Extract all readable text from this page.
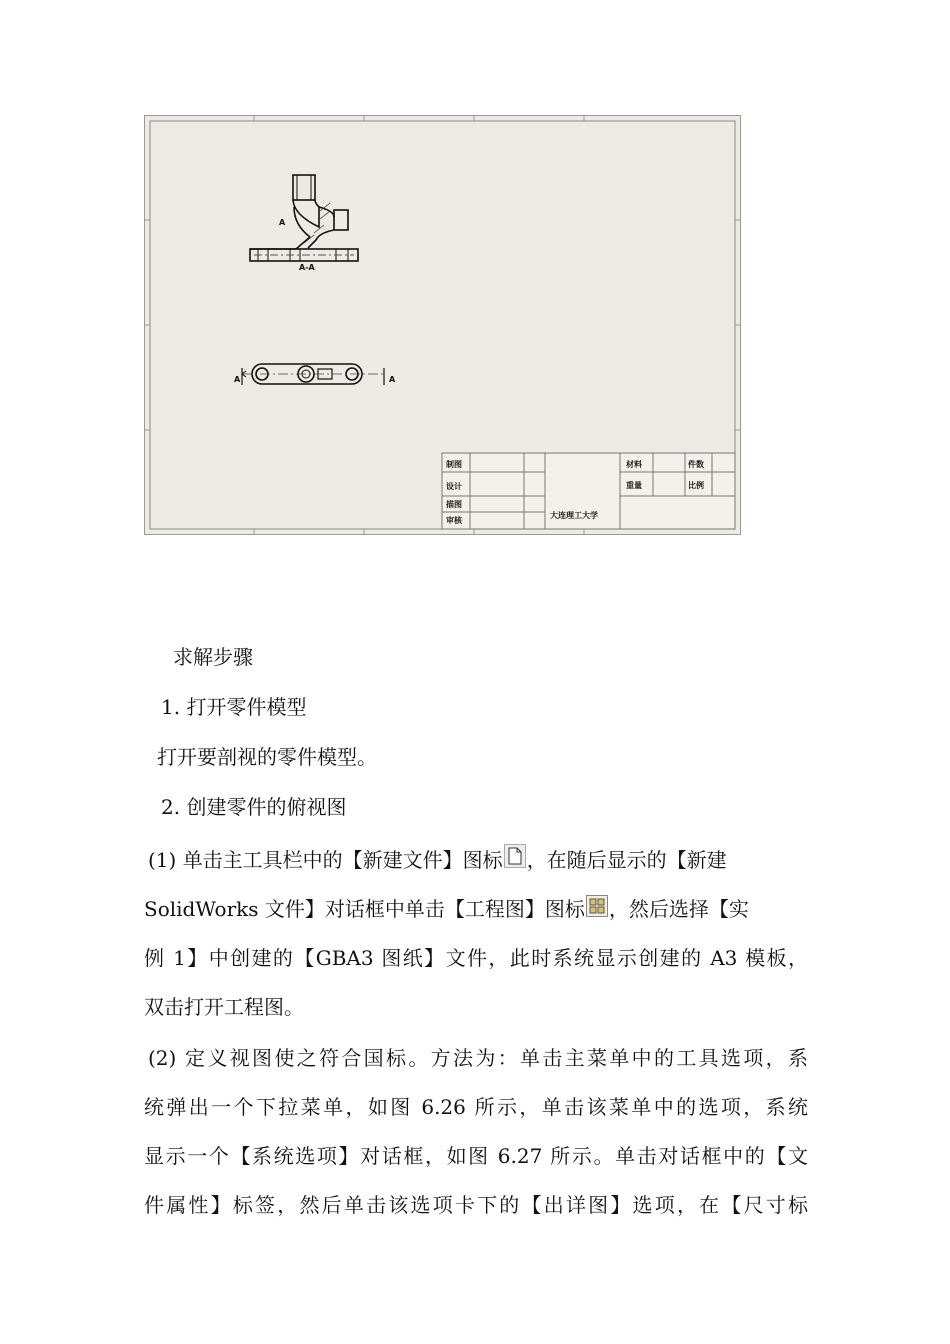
A
A-A
A	A
制图
设计
描图
审核
材料	件数
重量	比例
大连理工大学
求解步骤
1. 打开零件模型
打开要剖视的零件模型。
2. 创建零件的俯视图
(1) 单击主工具栏中的【新建文件】图标 ，在随后显示的【新建
SolidWorks 文件】对话框中单击【工程图】图标 ，然后选择【实
例 1】中创建的【GBA3 图纸】文件，此时系统显示创建的 A3 模板，
双击打开工程图。
(2) 定义视图使之符合国标。方法为：单击主菜单中的工具选项，系
统弹出一个下拉菜单，如图 6.26 所示，单击该菜单中的选项，系统
显示一个【系统选项】对话框，如图 6.27 所示。单击对话框中的【文
件属性】标签，然后单击该选项卡下的【出详图】选项，在【尺寸标
